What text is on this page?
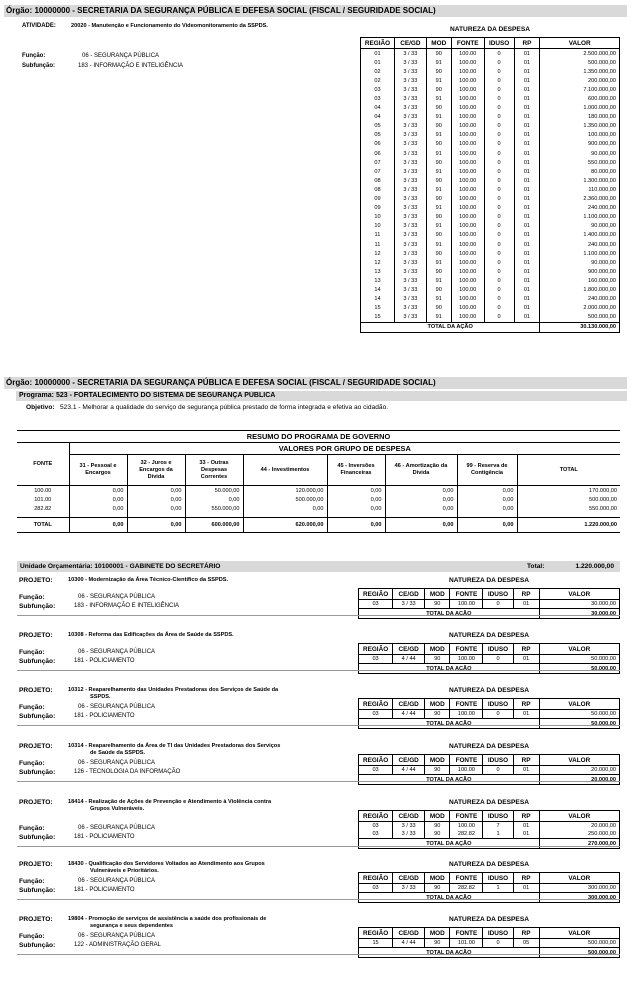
Órgão: 10000000 - SECRETARIA DA SEGURANÇA PÚBLICA E DEFESA SOCIAL (FISCAL / SEGURIDADE SOCIAL)
ATIVIDADE:	20020 - Manutenção e Funcionamento do Videomonitoramento da SSPDS.
Função:	06 - SEGURANÇA PÚBLICA
Subfunção:	183 - INFORMAÇÃO E INTELIGÊNCIA
NATUREZA DA DESPESA
REGIÃO	CE/GD	MOD	FONTE	IDUSO	RP	VALOR
01	3 / 33	90	100.00	0	01	2.500.000,00
01	3 / 33	91	100.00	0	01	500.000,00
02	3 / 33	90	100.00	0	01	1.350.000,00
02	3 / 33	91	100.00	0	01	200.000,00
03	3 / 33	90	100.00	0	01	7.100.000,00
03	3 / 33	91	100.00	0	01	600.000,00
04	3 / 33	90	100.00	0	01	1.000.000,00
04	3 / 33	91	100.00	0	01	180.000,00
05	3 / 33	90	100.00	0	01	1.350.000,00
05	3 / 33	91	100.00	0	01	100.000,00
06	3 / 33	90	100.00	0	01	900.000,00
06	3 / 33	91	100.00	0	01	90.000,00
07	3 / 33	90	100.00	0	01	550.000,00
07	3 / 33	91	100.00	0	01	80.000,00
08	3 / 33	90	100.00	0	01	1.300.000,00
08	3 / 33	91	100.00	0	01	110.000,00
09	3 / 33	90	100.00	0	01	2.360.000,00
09	3 / 33	91	100.00	0	01	240.000,00
10	3 / 33	90	100.00	0	01	1.100.000,00
10	3 / 33	91	100.00	0	01	90.000,00
11	3 / 33	90	100.00	0	01	1.400.000,00
11	3 / 33	91	100.00	0	01	240.000,00
12	3 / 33	90	100.00	0	01	1.100.000,00
12	3 / 33	91	100.00	0	01	90.000,00
13	3 / 33	90	100.00	0	01	900.000,00
13	3 / 33	91	100.00	0	01	160.000,00
14	3 / 33	90	100.00	0	01	1.800.000,00
14	3 / 33	91	100.00	0	01	240.000,00
15	3 / 33	90	100.00	0	01	2.000.000,00
15	3 / 33	91	100.00	0	01	500.000,00
TOTAL DA AÇÃO						30.130.000,00
Órgão: 10000000 - SECRETARIA DA SEGURANÇA PÚBLICA E DEFESA SOCIAL (FISCAL / SEGURIDADE SOCIAL)
Programa: 523 - FORTALECIMENTO DO SISTEMA DE SEGURANÇA PÚBLICA
Objetivo: 523.1 - Melhorar a qualidade do serviço de segurança pública prestado de forma integrada e efetiva ao cidadão.
RESUMO DO PROGRAMA DE GOVERNO								
FONTE	VALORES POR GRUPO DE DESPESA							
	31 - Pessoal e Encargos	32 - Juros e Encargos da Dívida	33 - Outras Despesas Correntes	44 - Investimentos	45 - Inversões Financeiras	46 - Amortização da Dívida	99 - Reserva de Contigência	TOTAL
100.00	0,00	0,00	50.000,00	120.000,00	0,00	0,00	0,00	170.000,00
101.00	0,00	0,00	0,00	500.000,00	0,00	0,00	0,00	500.000,00
282.82	0,00	0,00	550.000,00	0,00	0,00	0,00	0,00	550.000,00

TOTAL	0,00	0,00	600.000,00	620.000,00	0,00	0,00	0,00	1.220.000,00
Unidade Orçamentária: 10100001 - GABINETE DO SECRETÁRIO	Total:	1.220.000,00
PROJETO:	10300 - Modernização da Área Técnico-Científico da SSPDS.
Função:	06 - SEGURANÇA PÚBLICA
Subfunção:	183 - INFORMAÇÃO E INTELIGÊNCIA
NATUREZA DA DESPESA
REGIÃO	CE/GD	MOD	FONTE	IDUSO	RP	VALOR
03	3 / 33	90	100.00	0	01	30.000,00
TOTAL DA AÇÃO						30.000,00
PROJETO:	10308 - Reforma das Edificações da Área de Saúde da SSPDS.
Função:	06 - SEGURANÇA PÚBLICA
Subfunção:	181 - POLICIAMENTO
NATUREZA DA DESPESA
REGIÃO	CE/GD	MOD	FONTE	IDUSO	RP	VALOR
03	4 / 44	90	100.00	0	01	50.000,00
TOTAL DA AÇÃO						50.000,00
PROJETO:	10312 - Reaparelhamento das Unidades Prestadoras dos Serviços de Saúde da
SSPDS.
Função:	06 - SEGURANÇA PÚBLICA
Subfunção:	181 - POLICIAMENTO
NATUREZA DA DESPESA
REGIÃO	CE/GD	MOD	FONTE	IDUSO	RP	VALOR
03	4 / 44	90	100.00	0	01	50.000,00
TOTAL DA AÇÃO						50.000,00
PROJETO:	10314 - Reaparelhamento da Área de TI das Unidades Prestadoras dos Serviços
de Saúde da SSPDS.
Função:	06 - SEGURANÇA PÚBLICA
Subfunção:	126 - TECNOLOGIA DA INFORMAÇÃO
NATUREZA DA DESPESA
REGIÃO	CE/GD	MOD	FONTE	IDUSO	RP	VALOR
03	4 / 44	90	100.00	0	01	20.000,00
TOTAL DA AÇÃO						20.000,00
PROJETO:	18414 - Realização de Ações de Prevenção e Atendimento à Violência contra
Grupos Vulneráveis.
Função:	06 - SEGURANÇA PÚBLICA
Subfunção:	181 - POLICIAMENTO
NATUREZA DA DESPESA
REGIÃO	CE/GD	MOD	FONTE	IDUSO	RP	VALOR
03	3 / 33	90	100.00	7	01	20.000,00
03	3 / 33	90	282.82	1	01	250.000,00
TOTAL DA AÇÃO						270.000,00
PROJETO:	18430 - Qualificação dos Servidores Voltados ao Atendimento aos Grupos
Vulneráveis e Prioritários.
Função:	06 - SEGURANÇA PÚBLICA
Subfunção:	181 - POLICIAMENTO
NATUREZA DA DESPESA
REGIÃO	CE/GD	MOD	FONTE	IDUSO	RP	VALOR
03	3 / 33	90	282.82	1	01	300.000,00
TOTAL DA AÇÃO						300.000,00
PROJETO:	19804 - Promoção de serviços de assistência a saúde dos profissionais de
segurança e seus dependentes
Função:	06 - SEGURANÇA PÚBLICA
Subfunção:	122 - ADMINISTRAÇÃO GERAL
NATUREZA DA DESPESA
REGIÃO	CE/GD	MOD	FONTE	IDUSO	RP	VALOR
15	4 / 44	90	101.00	0	05	500.000,00
TOTAL DA AÇÃO						500.000,00
